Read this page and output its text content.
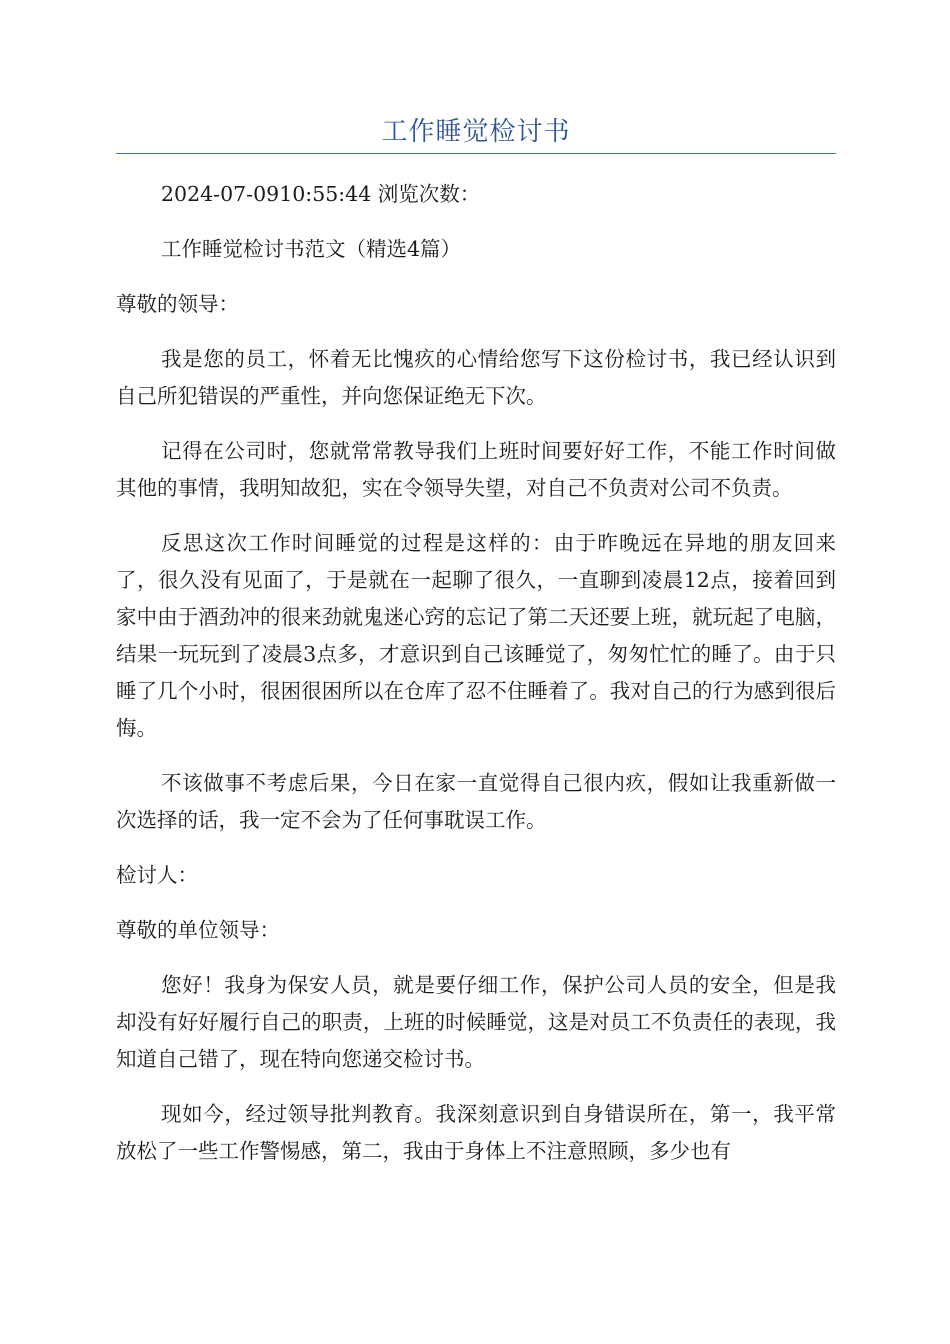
工作睡觉检讨书

2024-07-0910:55:44 浏览次数：

工作睡觉检讨书范文（精选4篇）

尊敬的领导：

我是您的员工，怀着无比愧疚的心情给您写下这份检讨书，我已经认识到自己所犯错误的严重性，并向您保证绝无下次。

记得在公司时，您就常常教导我们上班时间要好好工作，不能工作时间做其他的事情，我明知故犯，实在令领导失望，对自己不负责对公司不负责。

反思这次工作时间睡觉的过程是这样的：由于昨晚远在异地的朋友回来了，很久没有见面了，于是就在一起聊了很久，一直聊到凌晨12点，接着回到家中由于酒劲冲的很来劲就鬼迷心窍的忘记了第二天还要上班，就玩起了电脑，结果一玩玩到了凌晨3点多，才意识到自己该睡觉了，匆匆忙忙的睡了。由于只睡了几个小时，很困很困所以在仓库了忍不住睡着了。我对自己的行为感到很后悔。

不该做事不考虑后果，今日在家一直觉得自己很内疚，假如让我重新做一次选择的话，我一定不会为了任何事耽误工作。

检讨人：

尊敬的单位领导：

您好！我身为保安人员，就是要仔细工作，保护公司人员的安全，但是我却没有好好履行自己的职责，上班的时候睡觉，这是对员工不负责任的表现，我知道自己错了，现在特向您递交检讨书。

现如今，经过领导批判教育。我深刻意识到自身错误所在，第一，我平常放松了一些工作警惕感，第二，我由于身体上不注意照顾，多少也有
